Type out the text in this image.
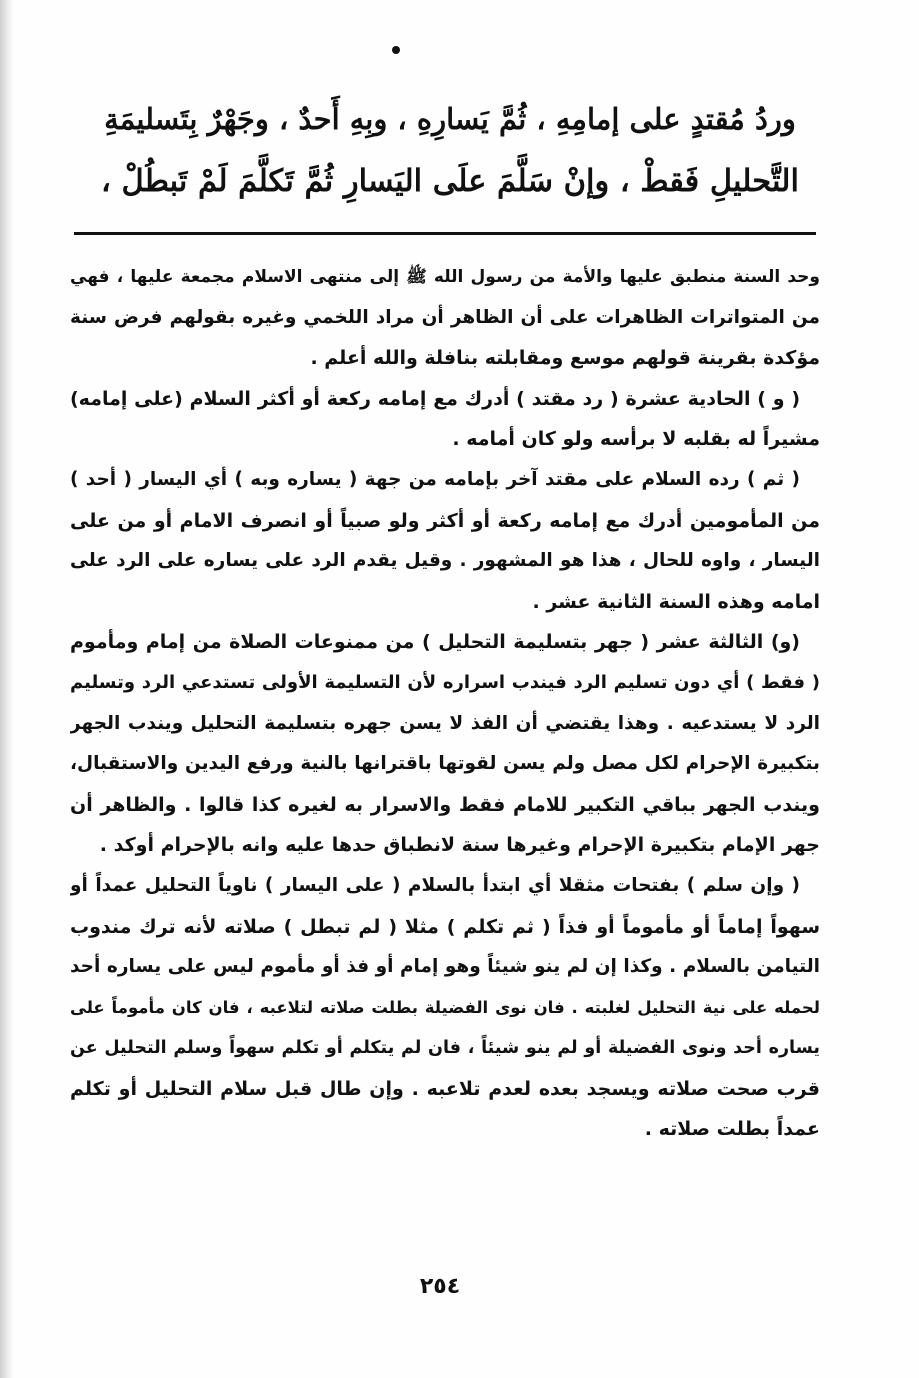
وردُ مُقتدٍ على إمامِهِ ، ثُمَّ يَسارِهِ ، وبِهِ أَحدٌ ، وجَهْرٌ بِتَسليمَةِ
التَّحليلِ فَقطْ ، وإنْ سَلَّمَ علَى اليَسارِ ثُمَّ تَكلَّمَ لَمْ تَبطُلْ ،
وحد السنة منطبق عليها والأمة من رسول الله ﷺ إلى منتهى الاسلام مجمعة عليها ، فهي
من المتواترات الظاهرات على أن الظاهر أن مراد اللخمي وغيره بقولهم فرض سنة
مؤكدة بقرينة قولهم موسع ومقابلته بنافلة والله أعلم .
( و ) الحادية عشرة ( رد مقتد ) أدرك مع إمامه ركعة أو أكثر السلام (على إمامه)
مشيراً له بقلبه لا برأسه ولو كان أمامه .
( ثم ) رده السلام على مقتد آخر بإمامه من جهة ( يساره وبه ) أي اليسار ( أحد )
من المأمومين أدرك مع إمامه ركعة أو أكثر ولو صبياً أو انصرف الامام أو من على
اليسار ، واوه للحال ، هذا هو المشهور . وقيل يقدم الرد على يساره على الرد على
امامه وهذه السنة الثانية عشر .
(و) الثالثة عشر ( جهر بتسليمة التحليل ) من ممنوعات الصلاة من إمام ومأموم
( فقط ) أي دون تسليم الرد فيندب اسراره لأن التسليمة الأولى تستدعي الرد وتسليم
الرد لا يستدعيه . وهذا يقتضي أن الفذ لا يسن جهره بتسليمة التحليل ويندب الجهر
بتكبيرة الإحرام لكل مصل ولم يسن لقوتها باقترانها بالنية ورفع اليدين والاستقبال،
ويندب الجهر بباقي التكبير للامام فقط والاسرار به لغيره كذا قالوا . والظاهر أن
جهر الإمام بتكبيرة الإحرام وغيرها سنة لانطباق حدها عليه وانه بالإحرام أوكد .
( وإن سلم ) بفتحات مثقلا أي ابتدأ بالسلام ( على اليسار ) ناوياً التحليل عمداً أو
سهواً إماماً أو مأموماً أو فذاً ( ثم تكلم ) مثلا ( لم تبطل ) صلاته لأنه ترك مندوب
التيامن بالسلام . وكذا إن لم ينو شيئاً وهو إمام أو فذ أو مأموم ليس على يساره أحد
لحمله على نية التحليل لغلبته . فان نوى الفضيلة بطلت صلاته لتلاعبه ، فان كان مأموماً على
يساره أحد ونوى الفضيلة أو لم ينو شيئاً ، فان لم يتكلم أو تكلم سهواً وسلم التحليل عن
قرب صحت صلاته ويسجد بعده لعدم تلاعبه . وإن طال قبل سلام التحليل أو تكلم
عمداً بطلت صلاته .
٢٥٤
